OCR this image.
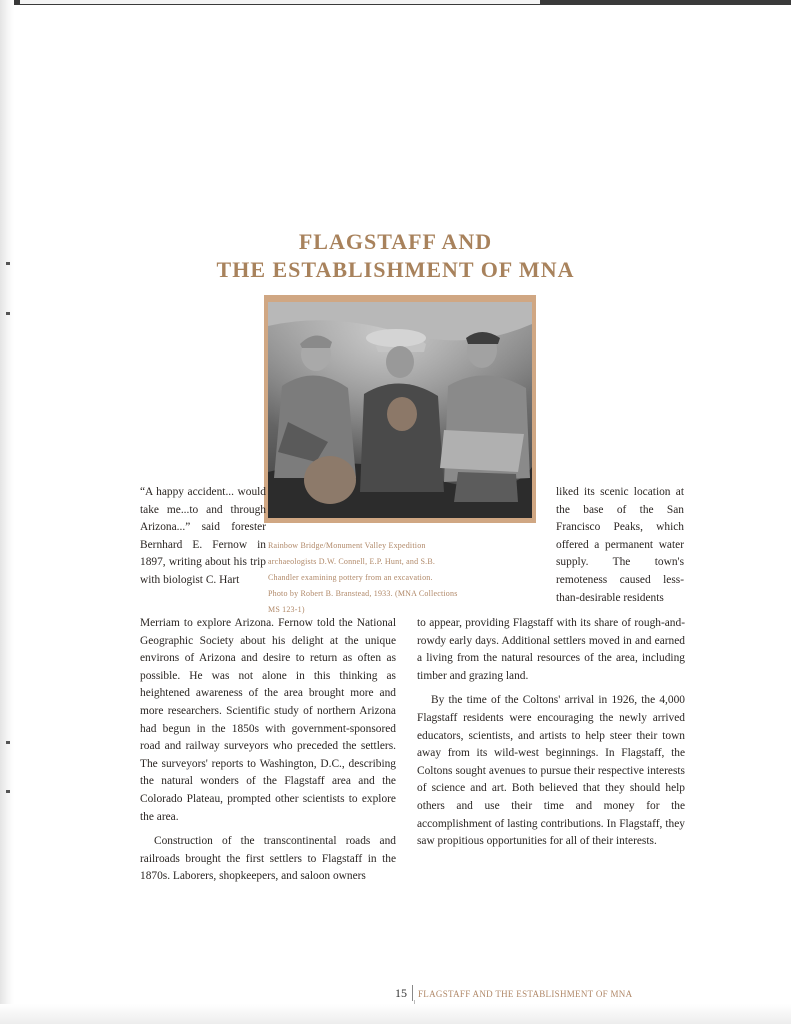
FLAGSTAFF AND
THE ESTABLISHMENT OF MNA

Rainbow Bridge/Monument Valley Expedition
archaeologists D.W. Connell, E.P. Hunt, and S.B.
Chandler examining pottery from an excavation.
Photo by Robert B. Branstead, 1933. (MNA Collections
MS 123-1)

“A happy accident... would take me...to and through Arizona...” said forester Bernhard E. Fernow in 1897, writing about his trip with biologist C. Hart

liked its scenic location at the base of the San Francisco Peaks, which offered a permanent water supply. The town's remoteness caused less-than-desirable residents

Merriam to explore Arizona. Fernow told the National Geographic Society about his delight at the unique environs of Arizona and desire to return as often as possible. He was not alone in this thinking as heightened awareness of the area brought more and more researchers. Scientific study of northern Arizona had begun in the 1850s with government-sponsored road and railway surveyors who preceded the settlers. The surveyors' reports to Washington, D.C., describing the natural wonders of the Flagstaff area and the Colorado Plateau, prompted other scientists to explore the area.
Construction of the transcontinental roads and railroads brought the first settlers to Flagstaff in the 1870s. Laborers, shopkeepers, and saloon owners
to appear, providing Flagstaff with its share of rough-and-rowdy early days. Additional settlers moved in and earned a living from the natural resources of the area, including timber and grazing land.
By the time of the Coltons' arrival in 1926, the 4,000 Flagstaff residents were encouraging the newly arrived educators, scientists, and artists to help steer their town away from its wild-west beginnings. In Flagstaff, the Coltons sought avenues to pursue their respective interests of science and art. Both believed that they should help others and use their time and money for the accomplishment of lasting contributions. In Flagstaff, they saw propitious opportunities for all of their interests.
15 FLAGSTAFF AND THE ESTABLISHMENT OF MNA
